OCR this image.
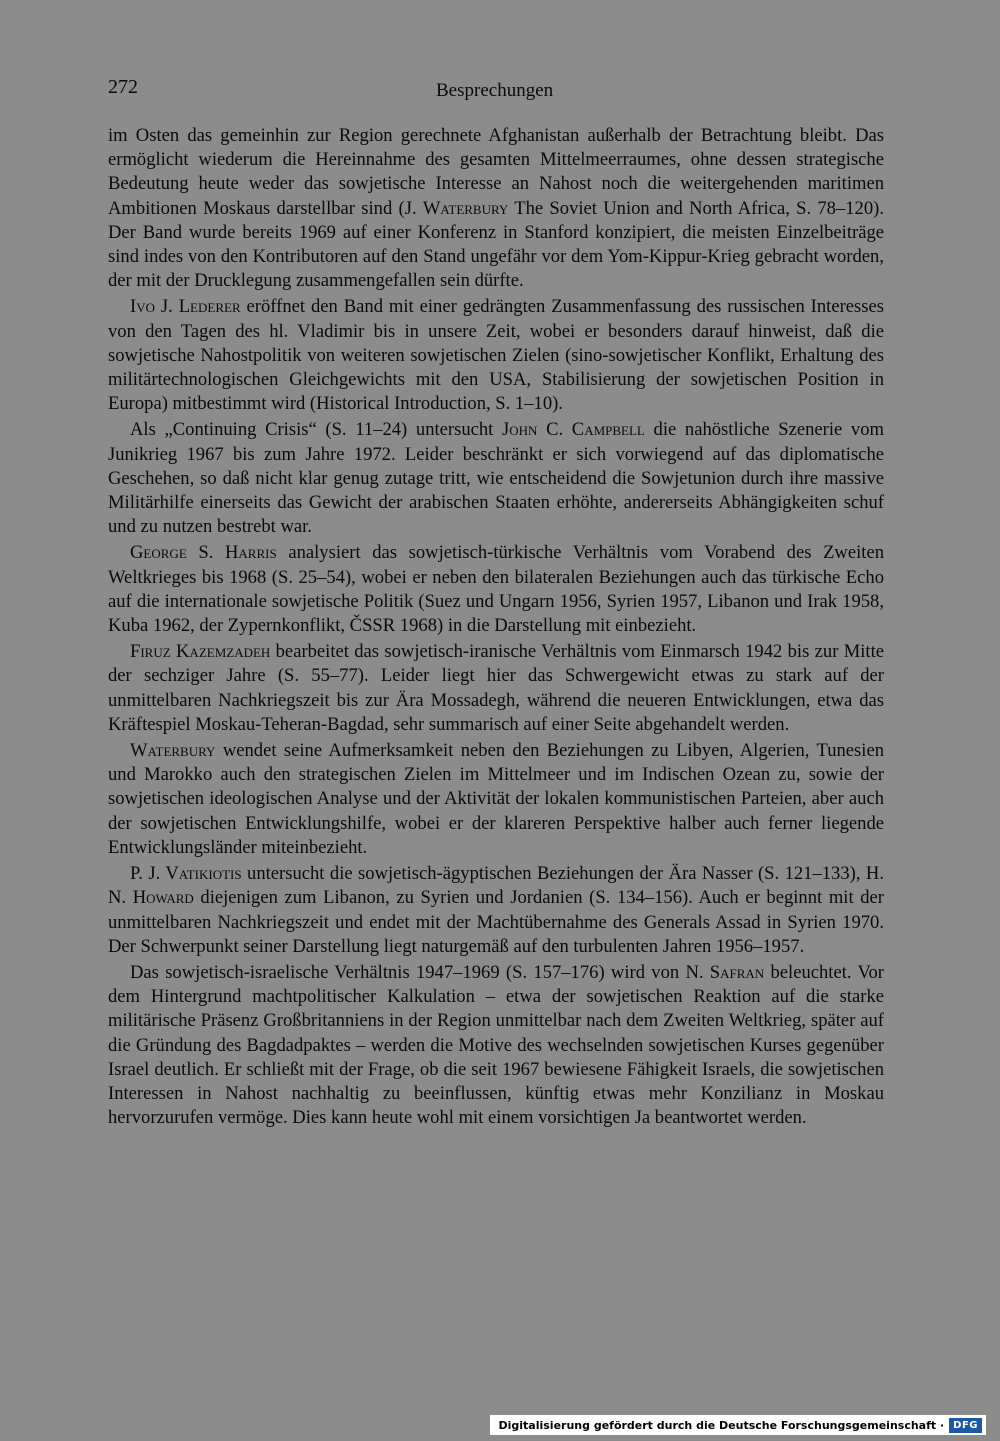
272	Besprechungen

im Osten das gemeinhin zur Region gerechnete Afghanistan außerhalb der Betrachtung bleibt. Das ermöglicht wiederum die Hereinnahme des gesamten Mittelmeerraumes, ohne dessen strategische Bedeutung heute weder das sowjetische Interesse an Nahost noch die weitergehenden maritimen Ambitionen Moskaus darstellbar sind (J. Waterbury The Soviet Union and North Africa, S. 78–120). Der Band wurde bereits 1969 auf einer Konferenz in Stanford konzipiert, die meisten Einzelbeiträge sind indes von den Kontributoren auf den Stand ungefähr vor dem Yom-Kippur-Krieg gebracht worden, der mit der Drucklegung zusammengefallen sein dürfte.

Ivo J. Lederer eröffnet den Band mit einer gedrängten Zusammenfassung des russischen Interesses von den Tagen des hl. Vladimir bis in unsere Zeit, wobei er besonders darauf hinweist, daß die sowjetische Nahostpolitik von weiteren sowjetischen Zielen (sino-sowjetischer Konflikt, Erhaltung des militärtechnologischen Gleichgewichts mit den USA, Stabilisierung der sowjetischen Position in Europa) mitbestimmt wird (Historical Introduction, S. 1–10).

Als „Continuing Crisis“ (S. 11–24) untersucht John C. Campbell die nahöstliche Szenerie vom Junikrieg 1967 bis zum Jahre 1972. Leider beschränkt er sich vorwiegend auf das diplomatische Geschehen, so daß nicht klar genug zutage tritt, wie entscheidend die Sowjetunion durch ihre massive Militärhilfe einerseits das Gewicht der arabischen Staaten erhöhte, andererseits Abhängigkeiten schuf und zu nutzen bestrebt war.

George S. Harris analysiert das sowjetisch-türkische Verhältnis vom Vorabend des Zweiten Weltkrieges bis 1968 (S. 25–54), wobei er neben den bilateralen Beziehungen auch das türkische Echo auf die internationale sowjetische Politik (Suez und Ungarn 1956, Syrien 1957, Libanon und Irak 1958, Kuba 1962, der Zypernkonflikt, ČSSR 1968) in die Darstellung mit einbezieht.

Firuz Kazemzadeh bearbeitet das sowjetisch-iranische Verhältnis vom Einmarsch 1942 bis zur Mitte der sechziger Jahre (S. 55–77). Leider liegt hier das Schwergewicht etwas zu stark auf der unmittelbaren Nachkriegszeit bis zur Ära Mossadegh, während die neueren Entwicklungen, etwa das Kräftespiel Moskau-Teheran-Bagdad, sehr summarisch auf einer Seite abgehandelt werden.

Waterbury wendet seine Aufmerksamkeit neben den Beziehungen zu Libyen, Algerien, Tunesien und Marokko auch den strategischen Zielen im Mittelmeer und im Indischen Ozean zu, sowie der sowjetischen ideologischen Analyse und der Aktivität der lokalen kommunistischen Parteien, aber auch der sowjetischen Entwicklungshilfe, wobei er der klareren Perspektive halber auch ferner liegende Entwicklungsländer miteinbezieht.

P. J. Vatikiotis untersucht die sowjetisch-ägyptischen Beziehungen der Ära Nasser (S. 121–133), H. N. Howard diejenigen zum Libanon, zu Syrien und Jordanien (S. 134–156). Auch er beginnt mit der unmittelbaren Nachkriegszeit und endet mit der Machtübernahme des Generals Assad in Syrien 1970. Der Schwerpunkt seiner Darstellung liegt naturgemäß auf den turbulenten Jahren 1956–1957.

Das sowjetisch-israelische Verhältnis 1947–1969 (S. 157–176) wird von N. Safran beleuchtet. Vor dem Hintergrund machtpolitischer Kalkulation – etwa der sowjetischen Reaktion auf die starke militärische Präsenz Großbritanniens in der Region unmittelbar nach dem Zweiten Weltkrieg, später auf die Gründung des Bagdadpaktes – werden die Motive des wechselnden sowjetischen Kurses gegenüber Israel deutlich. Er schließt mit der Frage, ob die seit 1967 bewiesene Fähigkeit Israels, die sowjetischen Interessen in Nahost nachhaltig zu beeinflussen, künftig etwas mehr Konzilianz in Moskau hervorzurufen vermöge. Dies kann heute wohl mit einem vorsichtigen Ja beantwortet werden.

Digitalisierung gefördert durch die Deutsche Forschungsgemeinschaft · DFG
